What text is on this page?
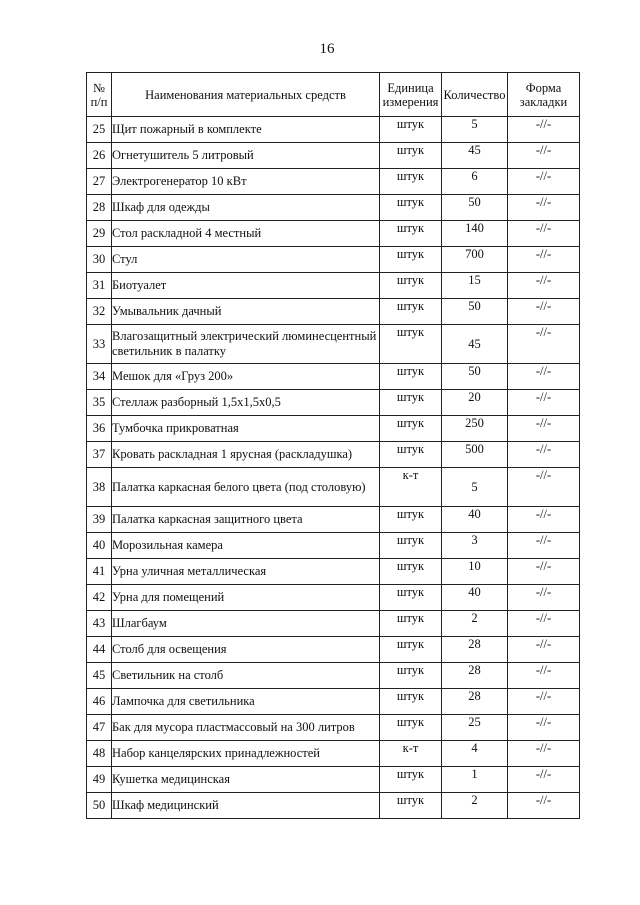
16
№ п/п	Наименования материальных средств	Единица измерения	Количество	Форма закладки
25	Щит пожарный в комплекте	штук	5	-//-
26	Огнетушитель 5 литровый	штук	45	-//-
27	Электрогенератор 10 кВт	штук	6	-//-
28	Шкаф для одежды	штук	50	-//-
29	Стол раскладной 4 местный	штук	140	-//-
30	Стул	штук	700	-//-
31	Биотуалет	штук	15	-//-
32	Умывальник дачный	штук	50	-//-
33	Влагозащитный электрический люминесцентный светильник в палатку	штук	45	-//-
34	Мешок для «Груз 200»	штук	50	-//-
35	Стеллаж разборный 1,5х1,5х0,5	штук	20	-//-
36	Тумбочка прикроватная	штук	250	-//-
37	Кровать раскладная 1 ярусная (раскладушка)	штук	500	-//-
38	Палатка каркасная белого цвета (под столовую)	к-т	5	-//-
39	Палатка каркасная защитного цвета	штук	40	-//-
40	Морозильная камера	штук	3	-//-
41	Урна уличная металлическая	штук	10	-//-
42	Урна для помещений	штук	40	-//-
43	Шлагбаум	штук	2	-//-
44	Столб для освещения	штук	28	-//-
45	Светильник на столб	штук	28	-//-
46	Лампочка для светильника	штук	28	-//-
47	Бак для мусора пластмассовый на 300 литров	штук	25	-//-
48	Набор канцелярских принадлежностей	к-т	4	-//-
49	Кушетка медицинская	штук	1	-//-
50	Шкаф медицинский	штук	2	-//-
